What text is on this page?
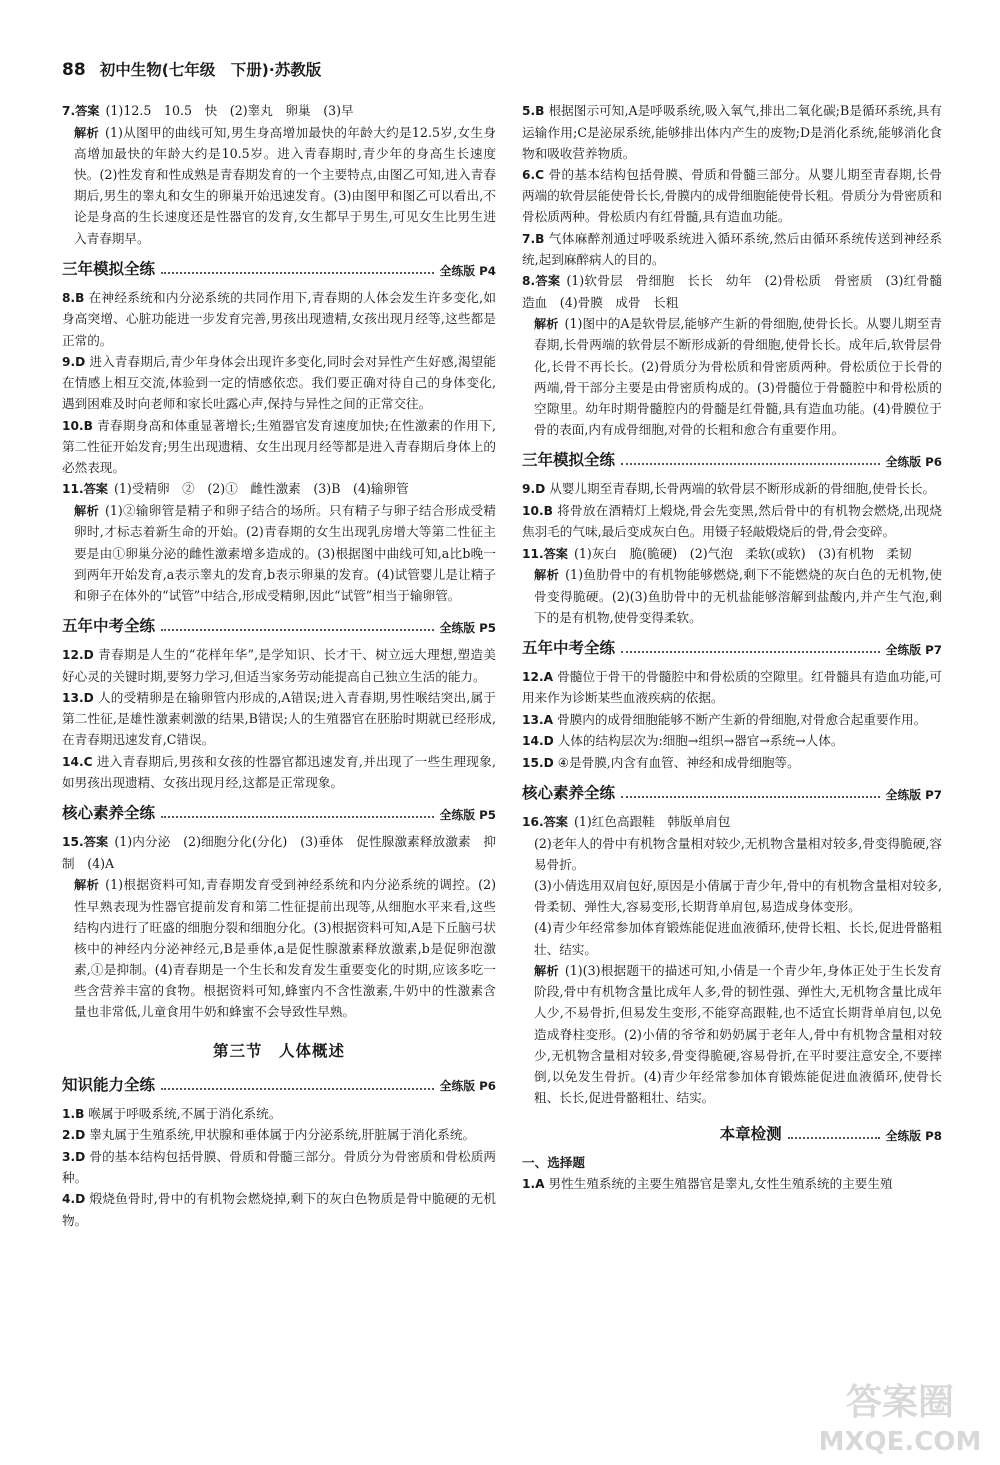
88 初中生物(七年级　下册)·苏教版
7.答案 (1)12.5　10.5　快　(2)睾丸　卵巢　(3)早
解析 (1)从图甲的曲线可知,男生身高增加最快的年龄大约是12.5岁,女生身高增加最快的年龄大约是10.5岁。进入青春期时,青少年的身高生长速度快。(2)性发育和性成熟是青春期发育的一个主要特点,由图乙可知,进入青春期后,男生的睾丸和女生的卵巢开始迅速发育。(3)由图甲和图乙可以看出,不论是身高的生长速度还是性器官的发育,女生都早于男生,可见女生比男生进入青春期早。
三年模拟全练	全练版 P4
8.B 在神经系统和内分泌系统的共同作用下,青春期的人体会发生许多变化,如身高突增、心脏功能进一步发育完善,男孩出现遗精,女孩出现月经等,这些都是正常的。
9.D 进入青春期后,青少年身体会出现许多变化,同时会对异性产生好感,渴望能在情感上相互交流,体验到一定的情感依恋。我们要正确对待自己的身体变化,遇到困难及时向老师和家长吐露心声,保持与异性之间的正常交往。
10.B 青春期身高和体重显著增长;生殖器官发育速度加快;在性激素的作用下,第二性征开始发育;男生出现遗精、女生出现月经等都是进入青春期后身体上的必然表现。
11.答案 (1)受精卵　②　(2)①　雌性激素　(3)B　(4)输卵管
解析 (1)②输卵管是精子和卵子结合的场所。只有精子与卵子结合形成受精卵时,才标志着新生命的开始。(2)青春期的女生出现乳房增大等第二性征主要是由①卵巢分泌的雌性激素增多造成的。(3)根据图中曲线可知,a比b晚一到两年开始发育,a表示睾丸的发育,b表示卵巢的发育。(4)试管婴儿是让精子和卵子在体外的“试管”中结合,形成受精卵,因此“试管”相当于输卵管。
五年中考全练	全练版 P5
12.D 青春期是人生的“花样年华”,是学知识、长才干、树立远大理想,塑造美好心灵的关键时期,要努力学习,但适当家务劳动能提高自己独立生活的能力。
13.D 人的受精卵是在输卵管内形成的,A错误;进入青春期,男性喉结突出,属于第二性征,是雄性激素刺激的结果,B错误;人的生殖器官在胚胎时期就已经形成,在青春期迅速发育,C错误。
14.C 进入青春期后,男孩和女孩的性器官都迅速发育,并出现了一些生理现象,如男孩出现遗精、女孩出现月经,这都是正常现象。
核心素养全练	全练版 P5
15.答案 (1)内分泌　(2)细胞分化(分化)　(3)垂体　促性腺激素释放激素　抑制　(4)A
解析 (1)根据资料可知,青春期发育受到神经系统和内分泌系统的调控。(2)性早熟表现为性器官提前发育和第二性征提前出现等,从细胞水平来看,这些结构内进行了旺盛的细胞分裂和细胞分化。(3)根据资料可知,A是下丘脑弓状核中的神经内分泌神经元,B是垂体,a是促性腺激素释放激素,b是促卵泡激素,①是抑制。(4)青春期是一个生长和发育发生重要变化的时期,应该多吃一些含营养丰富的食物。根据资料可知,蜂蜜内不含性激素,牛奶中的性激素含量也非常低,儿童食用牛奶和蜂蜜不会导致性早熟。
第三节　人体概述
知识能力全练	全练版 P6
1.B 喉属于呼吸系统,不属于消化系统。
2.D 睾丸属于生殖系统,甲状腺和垂体属于内分泌系统,肝脏属于消化系统。
3.D 骨的基本结构包括骨膜、骨质和骨髓三部分。骨质分为骨密质和骨松质两种。
4.D 煅烧鱼骨时,骨中的有机物会燃烧掉,剩下的灰白色物质是骨中脆硬的无机物。
5.B 根据图示可知,A是呼吸系统,吸入氧气,排出二氧化碳;B是循环系统,具有运输作用;C是泌尿系统,能够排出体内产生的废物;D是消化系统,能够消化食物和吸收营养物质。
6.C 骨的基本结构包括骨膜、骨质和骨髓三部分。从婴儿期至青春期,长骨两端的软骨层能使骨长长,骨膜内的成骨细胞能使骨长粗。骨质分为骨密质和骨松质两种。骨松质内有红骨髓,具有造血功能。
7.B 气体麻醉剂通过呼吸系统进入循环系统,然后由循环系统传送到神经系统,起到麻醉病人的目的。
8.答案 (1)软骨层　骨细胞　长长　幼年　(2)骨松质　骨密质　(3)红骨髓　造血　(4)骨膜　成骨　长粗
解析 (1)图中的A是软骨层,能够产生新的骨细胞,使骨长长。从婴儿期至青春期,长骨两端的软骨层不断形成新的骨细胞,使骨长长。成年后,软骨层骨化,长骨不再长长。(2)骨质分为骨松质和骨密质两种。骨松质位于长骨的两端,骨干部分主要是由骨密质构成的。(3)骨髓位于骨髓腔中和骨松质的空隙里。幼年时期骨髓腔内的骨髓是红骨髓,具有造血功能。(4)骨膜位于骨的表面,内有成骨细胞,对骨的长粗和愈合有重要作用。
三年模拟全练	全练版 P6
9.D 从婴儿期至青春期,长骨两端的软骨层不断形成新的骨细胞,使骨长长。
10.B 将骨放在酒精灯上煅烧,骨会先变黑,然后骨中的有机物会燃烧,出现烧焦羽毛的气味,最后变成灰白色。用镊子轻敲煅烧后的骨,骨会变碎。
11.答案 (1)灰白　脆(脆硬)　(2)气泡　柔软(或软)　(3)有机物　柔韧
解析 (1)鱼肋骨中的有机物能够燃烧,剩下不能燃烧的灰白色的无机物,使骨变得脆硬。(2)(3)鱼肋骨中的无机盐能够溶解到盐酸内,并产生气泡,剩下的是有机物,使骨变得柔软。
五年中考全练	全练版 P7
12.A 骨髓位于骨干的骨髓腔中和骨松质的空隙里。红骨髓具有造血功能,可用来作为诊断某些血液疾病的依据。
13.A 骨膜内的成骨细胞能够不断产生新的骨细胞,对骨愈合起重要作用。
14.D 人体的结构层次为:细胞→组织→器官→系统→人体。
15.D ④是骨膜,内含有血管、神经和成骨细胞等。
核心素养全练	全练版 P7
16.答案 (1)红色高跟鞋　韩版单肩包
(2)老年人的骨中有机物含量相对较少,无机物含量相对较多,骨变得脆硬,容易骨折。
(3)小倩选用双肩包好,原因是小倩属于青少年,骨中的有机物含量相对较多,骨柔韧、弹性大,容易变形,长期背单肩包,易造成身体变形。
(4)青少年经常参加体育锻炼能促进血液循环,使骨长粗、长长,促进骨骼粗壮、结实。
解析 (1)(3)根据题干的描述可知,小倩是一个青少年,身体正处于生长发育阶段,骨中有机物含量比成年人多,骨的韧性强、弹性大,无机物含量比成年人少,不易骨折,但易发生变形,不能穿高跟鞋,也不适宜长期背单肩包,以免造成脊柱变形。(2)小倩的爷爷和奶奶属于老年人,骨中有机物含量相对较少,无机物含量相对较多,骨变得脆硬,容易骨折,在平时要注意安全,不要摔倒,以免发生骨折。(4)青少年经常参加体育锻炼能促进血液循环,使骨长粗、长长,促进骨骼粗壮、结实。
本章检测	全练版 P8
一、选择题
1.A 男性生殖系统的主要生殖器官是睾丸,女性生殖系统的主要生殖
答案圈
MXQE.COM
